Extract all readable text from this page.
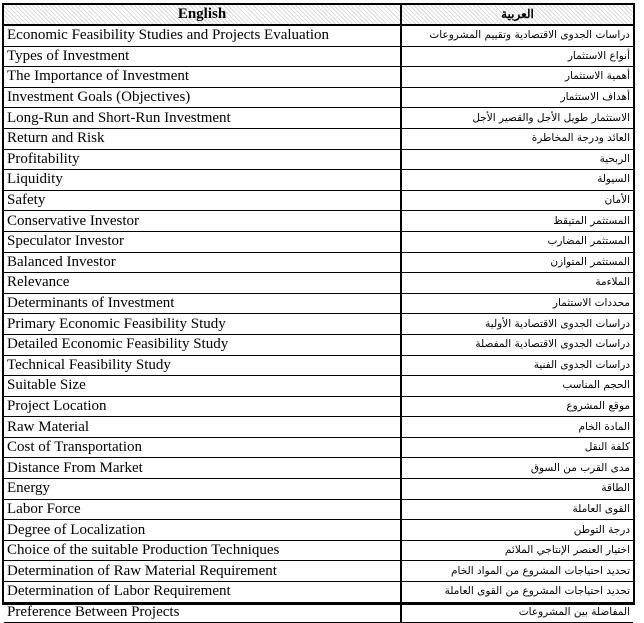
English	العربية
Economic Feasibility Studies and Projects Evaluation	دراسات الجدوى الاقتصادية وتقييم المشروعات
Types of Investment	أنواع الاستثمار
The Importance of Investment	أهمية الاستثمار
Investment Goals (Objectives)	أهداف الاستثمار
Long-Run and Short-Run Investment	الاستثمار طويل الأجل والقصير الأجل
Return and Risk	العائد ودرجة المخاطرة
Profitability	الربحية
Liquidity	السيولة
Safety	الأمان
Conservative Investor	المستثمر المتيقظ
Speculator Investor	المستثمر المضارب
Balanced Investor	المستثمر المتوازن
Relevance	الملاءمة
Determinants of Investment	محددات الاستثمار
Primary Economic Feasibility Study	دراسات الجدوى الاقتصادية الأولية
Detailed Economic Feasibility Study	دراسات الجدوى الاقتصادية المفصلة
Technical Feasibility Study	دراسات الجدوى الفنية
Suitable Size	الحجم المناسب
Project Location	موقع المشروع
Raw Material	المادة الخام
Cost of Transportation	كلفة النقل
Distance From Market	مدى القرب من السوق
Energy	الطاقة
Labor Force	القوى العاملة
Degree of Localization	درجة التوطن
Choice of the suitable Production Techniques	اختيار العنصر الإنتاجي الملائم
Determination of Raw Material Requirement	تحديد احتياجات المشروع من المواد الخام
Determination of Labor Requirement	تحديد احتياجات المشروع من القوى العاملة
Preference Between Projects	المفاضلة بين المشروعات
